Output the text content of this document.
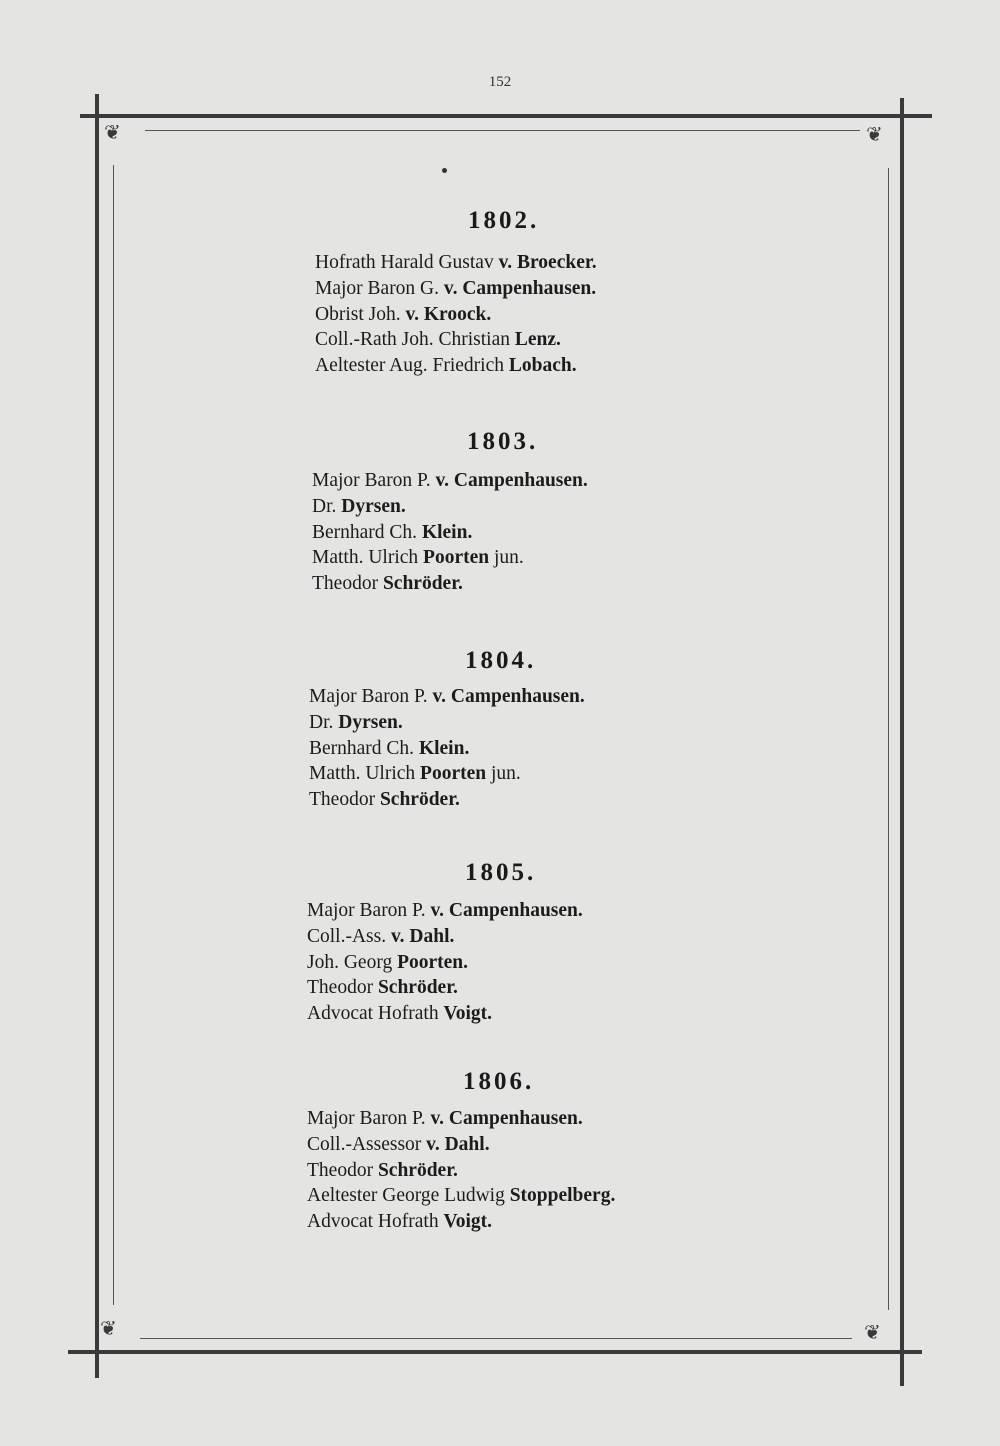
152
❦	❦
❦	❦
1802.
Hofrath Harald Gustav v. Broecker.
Major Baron G. v. Campenhausen.
Obrist Joh. v. Kroock.
Coll.-Rath Joh. Christian Lenz.
Aeltester Aug. Friedrich Lobach.
1803.
Major Baron P. v. Campenhausen.
Dr. Dyrsen.
Bernhard Ch. Klein.
Matth. Ulrich Poorten jun.
Theodor Schröder.
1804.
Major Baron P. v. Campenhausen.
Dr. Dyrsen.
Bernhard Ch. Klein.
Matth. Ulrich Poorten jun.
Theodor Schröder.
1805.
Major Baron P. v. Campenhausen.
Coll.-Ass. v. Dahl.
Joh. Georg Poorten.
Theodor Schröder.
Advocat Hofrath Voigt.
1806.
Major Baron P. v. Campenhausen.
Coll.-Assessor v. Dahl.
Theodor Schröder.
Aeltester George Ludwig Stoppelberg.
Advocat Hofrath Voigt.
